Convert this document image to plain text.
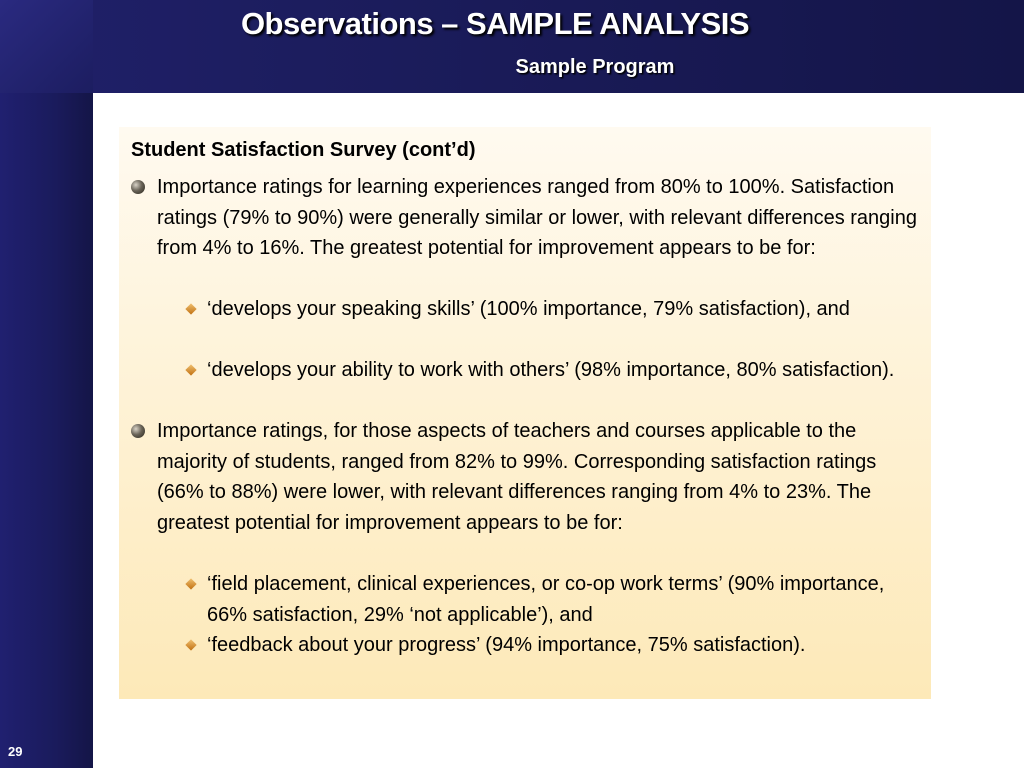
Observations – SAMPLE ANALYSIS
Sample Program
29
Student Satisfaction Survey (cont’d)
Importance ratings for learning experiences ranged from 80% to 100%. Satisfaction ratings (79% to 90%) were generally similar or lower, with relevant differences ranging from 4% to 16%. The greatest potential for improvement appears to be for:
‘develops your speaking skills’ (100% importance, 79% satisfaction), and
‘develops your ability to work with others’ (98% importance, 80% satisfaction).
Importance ratings, for those aspects of teachers and courses applicable to the majority of students, ranged from 82% to 99%. Corresponding satisfaction ratings (66% to 88%) were lower, with relevant differences ranging from 4% to 23%. The greatest potential for improvement appears to be for:
‘field placement, clinical experiences, or co-op work terms’ (90% importance, 66% satisfaction, 29% ‘not applicable’), and
‘feedback about your progress’ (94% importance, 75% satisfaction).
